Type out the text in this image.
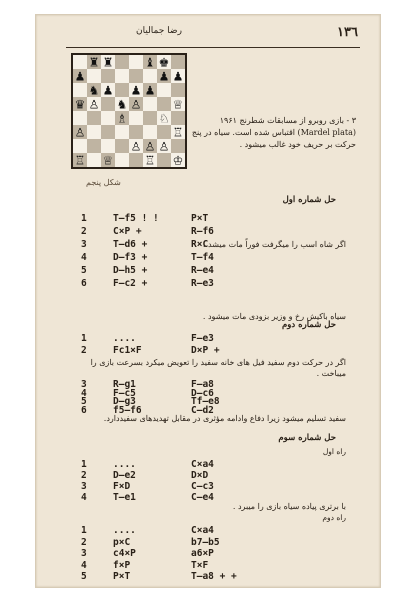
١٣٦
رضا جمالیان
♜ ♜	♝ ♚
♟	♟ ♟
♞ ♟	♟
♟
♛	♞
♙	♙	♕
♗	♘
♙	♖
♙ ♙ ♙
♖ ♕	♖ ♔
شکل پنجم
۳ - بازی روبرو از مسابقات شطرنج ۱۹۶۱ (Mardel plata) اقتباس شده است. سیاه در پنج حرکت بر حریف خود غالب میشود .
حل شماره اول
1	T—f5 ! !	P×T
2	C×P +	R—f6
3	T—d6 +	R×C
4	D—f3 +	T—f4
5	D—h5 +	R—e4
6	F—c2 +	R—e3
اگر شاه اسب را میگرفت فوراً مات میشد .
سیاه باکیش رخ و وزیر بزودی مات میشود .
حل شماره دوم
1	....	F—e3
2	Fc1×F	D×P +
اگر در حرکت دوم سفید فیل های خانه سفید را تعویض میکرد بسرعت بازی را میباخت .
3	R—g1	F—a8
4	F—c5	D—c6
5	D—g3	Tf—e8
6	f5—f6	C—d2
سفید تسلیم میشود زیرا دفاع وادامه مؤثری در مقابل تهدیدهای سفیددارد.
حل شماره سوم
راه اول
1	....	C×a4
2	D—e2	D×D
3	F×D	C—c3
4	T—e1	C—e4
با برتری پیاده سیاه بازی را میبرد .
راه دوم
1	....	C×a4
2	p×C	b7—b5
3	c4×P	a6×P
4	f×P	T×F
5	P×T	T—a8 + +
